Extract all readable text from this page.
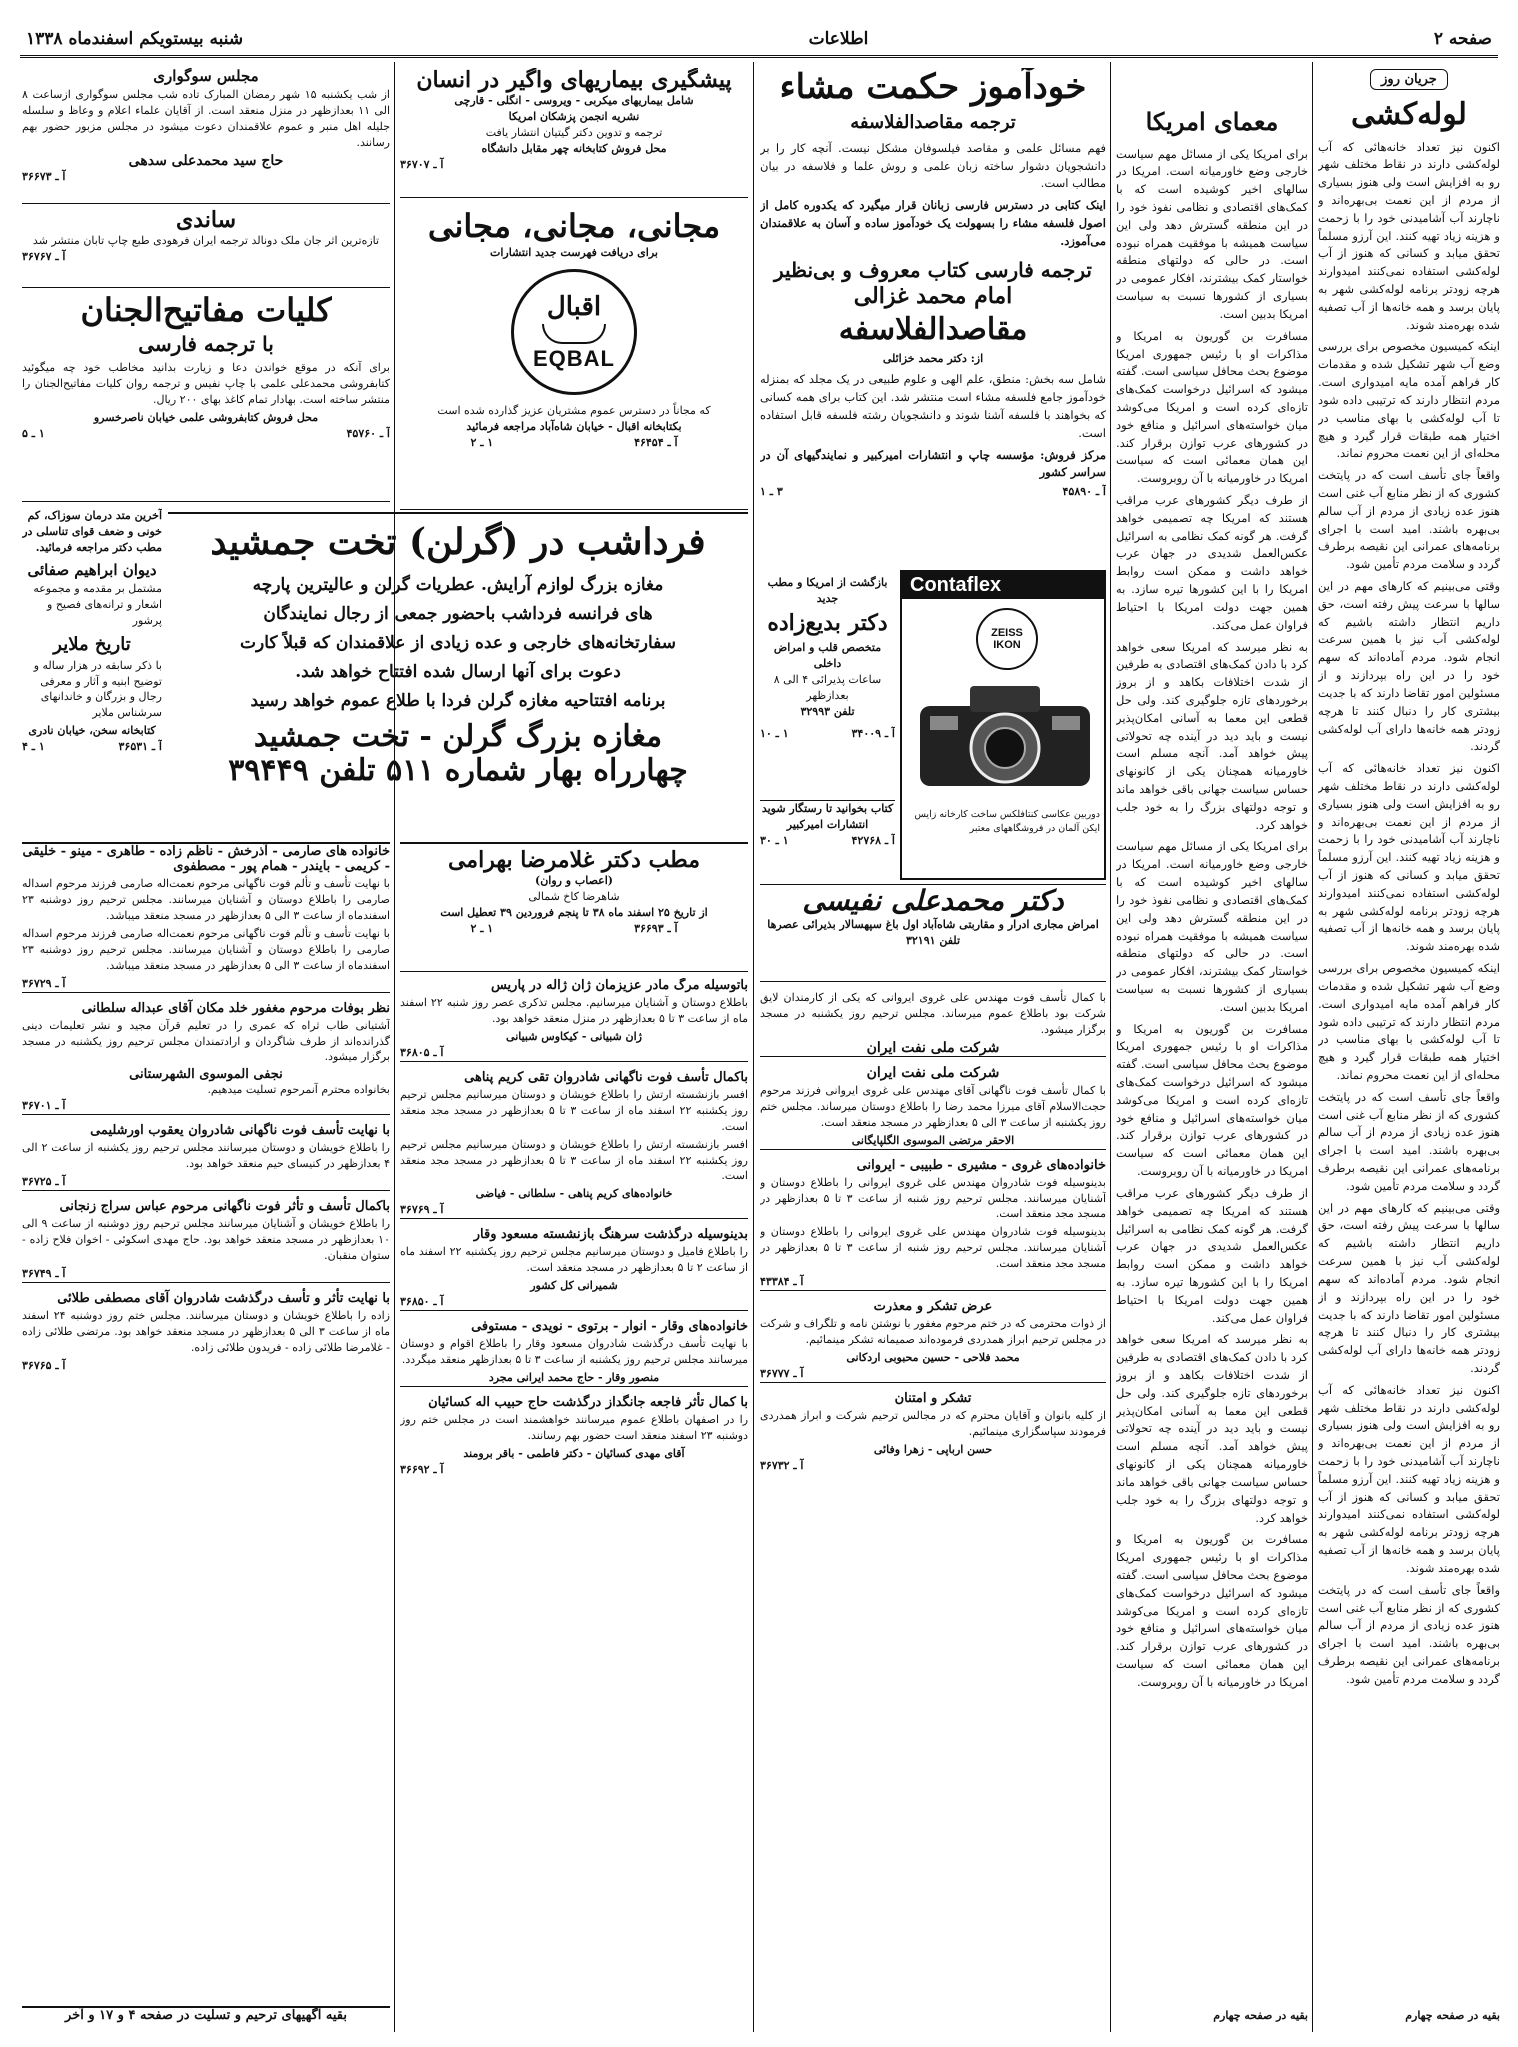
صفحه ۲
اطلاعات
شنبه بیستویکم اسفندماه ۱۳۳۸
جریان روز
لوله‌کشی

اکنون نیز تعداد خانه‌هائی که آب لوله‌کشی دارند در نقاط مختلف شهر رو به افزایش است ولی هنوز بسیاری از مردم از این نعمت بی‌بهره‌اند و ناچارند آب آشامیدنی خود را با زحمت و هزینه زیاد تهیه کنند. این آرزو مسلماً تحقق میابد و کسانی که هنوز از آب لوله‌کشی استفاده نمی‌کنند امیدوارند هرچه زودتر برنامه لوله‌کشی شهر به پایان برسد و همه خانه‌ها از آب تصفیه شده بهره‌مند شوند.

اینکه کمیسیون مخصوص برای بررسی وضع آب شهر تشکیل شده و مقدمات کار فراهم آمده مایه امیدواری است. مردم انتظار دارند که ترتیبی داده شود تا آب لوله‌کشی با بهای مناسب در اختیار همه طبقات قرار گیرد و هیچ محله‌ای از این نعمت محروم نماند.

واقعاً جای تأسف است که در پایتخت کشوری که از نظر منابع آب غنی است هنوز عده زیادی از مردم از آب سالم بی‌بهره باشند. امید است با اجرای برنامه‌های عمرانی این نقیصه برطرف گردد و سلامت مردم تأمین شود.

وقتی می‌بینیم که کارهای مهم در این سالها با سرعت پیش رفته است، حق داریم انتظار داشته باشیم که لوله‌کشی آب نیز با همین سرعت انجام شود. مردم آماده‌اند که سهم خود را در این راه بپردازند و از مسئولین امور تقاضا دارند که با جدیت بیشتری کار را دنبال کنند تا هرچه زودتر همه خانه‌ها دارای آب لوله‌کشی گردند.

اکنون نیز تعداد خانه‌هائی که آب لوله‌کشی دارند در نقاط مختلف شهر رو به افزایش است ولی هنوز بسیاری از مردم از این نعمت بی‌بهره‌اند و ناچارند آب آشامیدنی خود را با زحمت و هزینه زیاد تهیه کنند. این آرزو مسلماً تحقق میابد و کسانی که هنوز از آب لوله‌کشی استفاده نمی‌کنند امیدوارند هرچه زودتر برنامه لوله‌کشی شهر به پایان برسد و همه خانه‌ها از آب تصفیه شده بهره‌مند شوند.

اینکه کمیسیون مخصوص برای بررسی وضع آب شهر تشکیل شده و مقدمات کار فراهم آمده مایه امیدواری است. مردم انتظار دارند که ترتیبی داده شود تا آب لوله‌کشی با بهای مناسب در اختیار همه طبقات قرار گیرد و هیچ محله‌ای از این نعمت محروم نماند.

واقعاً جای تأسف است که در پایتخت کشوری که از نظر منابع آب غنی است هنوز عده زیادی از مردم از آب سالم بی‌بهره باشند. امید است با اجرای برنامه‌های عمرانی این نقیصه برطرف گردد و سلامت مردم تأمین شود.

وقتی می‌بینیم که کارهای مهم در این سالها با سرعت پیش رفته است، حق داریم انتظار داشته باشیم که لوله‌کشی آب نیز با همین سرعت انجام شود. مردم آماده‌اند که سهم خود را در این راه بپردازند و از مسئولین امور تقاضا دارند که با جدیت بیشتری کار را دنبال کنند تا هرچه زودتر همه خانه‌ها دارای آب لوله‌کشی گردند.

اکنون نیز تعداد خانه‌هائی که آب لوله‌کشی دارند در نقاط مختلف شهر رو به افزایش است ولی هنوز بسیاری از مردم از این نعمت بی‌بهره‌اند و ناچارند آب آشامیدنی خود را با زحمت و هزینه زیاد تهیه کنند. این آرزو مسلماً تحقق میابد و کسانی که هنوز از آب لوله‌کشی استفاده نمی‌کنند امیدوارند هرچه زودتر برنامه لوله‌کشی شهر به پایان برسد و همه خانه‌ها از آب تصفیه شده بهره‌مند شوند.

واقعاً جای تأسف است که در پایتخت کشوری که از نظر منابع آب غنی است هنوز عده زیادی از مردم از آب سالم بی‌بهره باشند. امید است با اجرای برنامه‌های عمرانی این نقیصه برطرف گردد و سلامت مردم تأمین شود.

بقیه در صفحه چهارم
معمای امریکا

برای امریکا یکی از مسائل مهم سیاست خارجی وضع خاورمیانه است. امریکا در سالهای اخیر کوشیده است که با کمک‌های اقتصادی و نظامی نفوذ خود را در این منطقه گسترش دهد ولی این سیاست همیشه با موفقیت همراه نبوده است. در حالی که دولتهای منطقه خواستار کمک بیشترند، افکار عمومی در بسیاری از کشورها نسبت به سیاست امریکا بدبین است.

مسافرت بن گوریون به امریکا و مذاکرات او با رئیس جمهوری امریکا موضوع بحث محافل سیاسی است. گفته میشود که اسرائیل درخواست کمک‌های تازه‌ای کرده است و امریکا می‌کوشد میان خواسته‌های اسرائیل و منافع خود در کشورهای عرب توازن برقرار کند. این همان معمائی است که سیاست امریکا در خاورمیانه با آن روبروست.

از طرف دیگر کشورهای عرب مراقب هستند که امریکا چه تصمیمی خواهد گرفت. هر گونه کمک نظامی به اسرائیل عکس‌العمل شدیدی در جهان عرب خواهد داشت و ممکن است روابط امریکا را با این کشورها تیره سازد. به همین جهت دولت امریکا با احتیاط فراوان عمل می‌کند.

به نظر میرسد که امریکا سعی خواهد کرد با دادن کمک‌های اقتصادی به طرفین از شدت اختلافات بکاهد و از بروز برخوردهای تازه جلوگیری کند. ولی حل قطعی این معما به آسانی امکان‌پذیر نیست و باید دید در آینده چه تحولاتی پیش خواهد آمد. آنچه مسلم است خاورمیانه همچنان یکی از کانونهای حساس سیاست جهانی باقی خواهد ماند و توجه دولتهای بزرگ را به خود جلب خواهد کرد.

برای امریکا یکی از مسائل مهم سیاست خارجی وضع خاورمیانه است. امریکا در سالهای اخیر کوشیده است که با کمک‌های اقتصادی و نظامی نفوذ خود را در این منطقه گسترش دهد ولی این سیاست همیشه با موفقیت همراه نبوده است. در حالی که دولتهای منطقه خواستار کمک بیشترند، افکار عمومی در بسیاری از کشورها نسبت به سیاست امریکا بدبین است.

مسافرت بن گوریون به امریکا و مذاکرات او با رئیس جمهوری امریکا موضوع بحث محافل سیاسی است. گفته میشود که اسرائیل درخواست کمک‌های تازه‌ای کرده است و امریکا می‌کوشد میان خواسته‌های اسرائیل و منافع خود در کشورهای عرب توازن برقرار کند. این همان معمائی است که سیاست امریکا در خاورمیانه با آن روبروست.

از طرف دیگر کشورهای عرب مراقب هستند که امریکا چه تصمیمی خواهد گرفت. هر گونه کمک نظامی به اسرائیل عکس‌العمل شدیدی در جهان عرب خواهد داشت و ممکن است روابط امریکا را با این کشورها تیره سازد. به همین جهت دولت امریکا با احتیاط فراوان عمل می‌کند.

به نظر میرسد که امریکا سعی خواهد کرد با دادن کمک‌های اقتصادی به طرفین از شدت اختلافات بکاهد و از بروز برخوردهای تازه جلوگیری کند. ولی حل قطعی این معما به آسانی امکان‌پذیر نیست و باید دید در آینده چه تحولاتی پیش خواهد آمد. آنچه مسلم است خاورمیانه همچنان یکی از کانونهای حساس سیاست جهانی باقی خواهد ماند و توجه دولتهای بزرگ را به خود جلب خواهد کرد.

مسافرت بن گوریون به امریکا و مذاکرات او با رئیس جمهوری امریکا موضوع بحث محافل سیاسی است. گفته میشود که اسرائیل درخواست کمک‌های تازه‌ای کرده است و امریکا می‌کوشد میان خواسته‌های اسرائیل و منافع خود در کشورهای عرب توازن برقرار کند. این همان معمائی است که سیاست امریکا در خاورمیانه با آن روبروست.

بقیه در صفحه چهارم
خودآموز حکمت مشاء
ترجمه مقاصدالفلاسفه

فهم مسائل علمی و مقاصد فیلسوفان مشکل نیست. آنچه کار را بر دانشجویان دشوار ساخته زبان علمی و روش علما و فلاسفه در بیان مطالب است.

اینک کتابی در دسترس فارسی زبانان قرار میگیرد که یکدوره کامل از اصول فلسفه مشاء را بسهولت یک خودآموز ساده و آسان به علاقمندان می‌آموزد.

ترجمه فارسی کتاب معروف و بی‌نظیر
امام محمد غزالی
مقاصدالفلاسفه
از: دکتر محمد خزائلی

شامل سه بخش: منطق، علم الهی و علوم طبیعی در یک مجلد که بمنزله خودآموز جامع فلسفه مشاء است منتشر شد. این کتاب برای همه کسانی که بخواهند با فلسفه آشنا شوند و دانشجویان رشته فلسفه قابل استفاده است.

مرکز فروش: مؤسسه چاپ و انتشارات امیرکبیر و نمایندگیهای آن در سراسر کشور

آ ـ ۴۵۸۹۰
۳ ـ ۱
پیشگیری بیماریهای واگیر در انسان
شامل بیماریهای میکربی - ویروسی - انگلی - قارچی
نشریه انجمن پزشکان امریکا
ترجمه و تدوین دکتر گیتیان انتشار یافت
محل فروش کتابخانه چهر مقابل دانشگاه
آ ـ ۳۶۷۰۷
مجانی، مجانی، مجانی
برای دریافت فهرست جدید انتشارات
اقبال
EQBAL
که مجاناً در دسترس عموم مشتریان عزیز گذارده شده است
بکتابخانه اقبال - خیابان شاه‌آباد مراجعه فرمائید
آ ـ ۴۶۴۵۴
۱ ـ ۲
مجلس سوگواری

از شب یکشنبه ۱۵ شهر رمضان المبارک تاده شب مجلس سوگواری ازساعت ۸ الی ۱۱ بعدازظهر در منزل منعقد است. از آقایان علماء اعلام و وعاظ و سلسله جلیله اهل منبر و عموم علاقمندان دعوت میشود در مجلس مزبور حضور بهم رسانند.

حاج سید محمدعلی سدهی
آ ـ ۳۶۶۷۳
ساندی
تازه‌ترین اثر جان ملک دونالد ترجمه ایران فرهودی طبع چاپ تابان منتشر شد
آ ـ ۳۶۷۶۷
کلیات مفاتیح‌الجنان
با ترجمه فارسی

برای آنکه در موقع خواندن دعا و زیارت بدانید مخاطب خود چه میگوئید کتابفروشی محمدعلی علمی با چاپ نفیس و ترجمه روان کلیات مفاتیح‌الجنان را منتشر ساخته است. بهادار تمام کاغذ بهای ۲۰۰ ریال.

محل فروش کتابفروشی علمی خیابان ناصرخسرو
آ ـ ۴۵۷۶۰
۱ ـ ۵

آخرین متد درمان سوزاک، کم خونی و ضعف قوای تناسلی در مطب دکتر مراجعه فرمائید.

دیوان ابراهیم صفائی

مشتمل بر مقدمه و مجموعه اشعار و ترانه‌های فصیح و پرشور

تاریخ ملایر

با ذکر سابقه در هزار ساله و توضیح ابنیه و آثار و معرفی رجال و بزرگان و خاندانهای سرشناس ملایر

کتابخانه سخن، خیابان نادری
آ ـ ۳۶۵۳۱
۱ ـ ۴
فرداشب در (گرلن) تخت جمشید
مغازه بزرگ لوازم آرایش. عطریات گرلن و عالیترین پارچه
های فرانسه فرداشب باحضور جمعی از رجال نمایندگان
سفارتخانه‌های خارجی و عده زیادی از علاقمندان که قبلاً کارت
دعوت برای آنها ارسال شده افتتاح خواهد شد.
برنامه افتتاحیه مغازه گرلن فردا با طلاع عموم خواهد رسید
مغازه بزرگ گرلن - تخت جمشید
چهارراه بهار شماره ۵۱۱ تلفن ۳۹۴۴۹
بازگشت از امریکا و مطب جدید
دکتر بدیع‌زاده
متخصص قلب و امراض داخلی
ساعات پذیرائی ۴ الی ۸ بعدازظهر
تلفن ۳۲۹۹۳
آ ـ ۳۴۰۰۹
۱ ـ ۱۰
Contaflex
ZEISS
IKON

دوربین عکاسی کنتافلکس ساخت کارخانه زایس ایکن آلمان در فروشگاههای معتبر

کتاب بخوانید تا رستگار شوید
انتشارات امیرکبیر
آ ـ ۴۲۷۶۸
۱ ـ ۳۰
دکتر محمدعلی نفیسی
امراض مجاری ادرار و مقاربتی شاه‌آباد اول باغ سپهسالار بذیرائی عصرها تلفن ۳۲۱۹۱
مطب دکتر غلامرضا بهرامی
(اعصاب و روان)
شاهرضا کاخ شمالی
از تاریخ ۲۵ اسفند ماه ۳۸ تا پنجم فروردین ۳۹ تعطیل است
آ ـ ۳۶۶۹۳
۱ ـ ۲
خانواده های صارمی - آذرخش - ناظم زاده - طاهری - مینو - خلیقی - کریمی - بایندر - همام پور - مصطفوی

با نهایت تأسف و تألم فوت ناگهانی مرحوم نعمت‌اله صارمی فرزند مرحوم اسداله صارمی را باطلاع دوستان و آشنایان میرسانند. مجلس ترحیم روز دوشنبه ۲۳ اسفندماه از ساعت ۳ الی ۵ بعدازظهر در مسجد منعقد میباشد.

با نهایت تأسف و تألم فوت ناگهانی مرحوم نعمت‌اله صارمی فرزند مرحوم اسداله صارمی را باطلاع دوستان و آشنایان میرسانند. مجلس ترحیم روز دوشنبه ۲۳ اسفندماه از ساعت ۳ الی ۵ بعدازظهر در مسجد منعقد میباشد.

آ ـ ۳۶۷۲۹
نظر بوفات مرحوم مغفور خلد مکان آقای عبداله سلطانی

آشتیانی طاب ثراه که عمری را در تعلیم قرآن مجید و نشر تعلیمات دینی گذرانده‌اند از طرف شاگردان و ارادتمندان مجلس ترحیم روز یکشنبه در مسجد برگزار میشود.

نجفی الموسوی الشهرستانی
بخانواده محترم آنمرحوم تسلیت میدهیم.
آ ـ ۳۶۷۰۱
با نهایت تأسف فوت ناگهانی شادروان یعقوب اورشلیمی

را باطلاع خویشان و دوستان میرسانند مجلس ترحیم روز یکشنبه از ساعت ۲ الی ۴ بعدازظهر در کنیسای حیم منعقد خواهد بود.

آ ـ ۳۶۷۲۵
باکمال تأسف و تأثر فوت ناگهانی مرحوم عباس سراج زنجانی

را باطلاع خویشان و آشنایان میرسانند مجلس ترحیم روز دوشنبه از ساعت ۹ الی ۱۰ بعدازظهر در مسجد منعقد خواهد بود. حاج مهدی اسکوئی - اخوان فلاح زاده - ستوان منقبان.

آ ـ ۳۶۷۴۹
با نهایت تأثر و تأسف درگذشت شادروان آقای مصطفی طلائی

زاده را باطلاع خویشان و دوستان میرسانند. مجلس ختم روز دوشنبه ۲۴ اسفند ماه از ساعت ۳ الی ۵ بعدازظهر در مسجد منعقد خواهد بود. مرتضی طلائی زاده - غلامرضا طلائی زاده - فریدون طلائی زاده.

آ ـ ۳۶۷۶۵
بقیه آگهیهای ترحیم و تسلیت در صفحه ۴ و ۱۷ و آخر
باتوسیله مرگ مادر عزیزمان ژان ژاله در پاریس

باطلاع دوستان و آشنایان میرسانیم. مجلس تذکری عصر روز شنبه ۲۲ اسفند ماه از ساعت ۳ تا ۵ بعدازظهر در منزل منعقد خواهد بود.

ژان شبیانی - کیکاوس شبیانی
آ ـ ۳۶۸۰۵
باکمال تأسف فوت ناگهانی شادروان تقی کریم پناهی

افسر بازنشسته ارتش را باطلاع خویشان و دوستان میرسانیم مجلس ترحیم روز یکشنبه ۲۲ اسفند ماه از ساعت ۳ تا ۵ بعدازظهر در مسجد مجد منعقد است.

افسر بازنشسته ارتش را باطلاع خویشان و دوستان میرسانیم مجلس ترحیم روز یکشنبه ۲۲ اسفند ماه از ساعت ۳ تا ۵ بعدازظهر در مسجد مجد منعقد است.

خانواده‌های کریم پناهی - سلطانی - فیاضی
آ ـ ۳۶۷۶۹
بدینوسیله درگذشت سرهنگ بازنشسته مسعود وقار

را باطلاع فامیل و دوستان میرسانیم مجلس ترحیم روز یکشنبه ۲۲ اسفند ماه از ساعت ۲ تا ۵ بعدازظهر در مسجد منعقد است.

شمیرانی کل کشور
آ ـ ۳۶۸۵۰
خانواده‌های وقار - انوار - برتوی - نویدی - مستوفی

با نهایت تأسف درگذشت شادروان مسعود وقار را باطلاع اقوام و دوستان میرسانند مجلس ترحیم روز یکشنبه از ساعت ۳ تا ۵ بعدازظهر منعقد میگردد.

منصور وقار - حاج محمد ایرانی مجرد
با کمال تأثر فاجعه جانگداز درگذشت حاج حبیب اله کسائیان

را در اصفهان باطلاع عموم میرسانند خواهشمند است در مجلس ختم روز دوشنبه ۲۳ اسفند منعقد است حضور بهم رسانند.

آقای مهدی کسائیان - دکتر فاطمی - باقر برومند
آ ـ ۳۶۶۹۲

با کمال تأسف فوت مهندس علی غروی ایروانی که یکی از کارمندان لایق شرکت بود باطلاع عموم میرساند. مجلس ترحیم روز یکشنبه در مسجد برگزار میشود.

شرکت ملی نفت ایران
شرکت ملی نفت ایران

با کمال تأسف فوت ناگهانی آقای مهندس علی غروی ایروانی فرزند مرحوم حجت‌الاسلام آقای میرزا محمد رضا را باطلاع دوستان میرساند. مجلس ختم روز یکشنبه از ساعت ۳ الی ۵ بعدازظهر در مسجد منعقد است.

الاحقر مرتضی الموسوی الگلپایگانی
خانواده‌های غروی - مشیری - طبیبی - ایروانی

بدینوسیله فوت شادروان مهندس علی غروی ایروانی را باطلاع دوستان و آشنایان میرسانند. مجلس ترحیم روز شنبه از ساعت ۳ تا ۵ بعدازظهر در مسجد مجد منعقد است.

بدینوسیله فوت شادروان مهندس علی غروی ایروانی را باطلاع دوستان و آشنایان میرسانند. مجلس ترحیم روز شنبه از ساعت ۳ تا ۵ بعدازظهر در مسجد مجد منعقد است.

آ ـ ۴۳۳۸۴
عرض تشکر و معذرت

از ذوات محترمی که در ختم مرحوم مغفور با نوشتن نامه و تلگراف و شرکت در مجلس ترحیم ابراز همدردی فرموده‌اند صمیمانه تشکر مینمائیم.

محمد فلاحی - حسین محبوبی اردکانی
آ ـ ۳۶۷۷۷
تشکر و امتنان

از کلیه بانوان و آقایان محترم که در مجالس ترحیم شرکت و ابراز همدردی فرمودند سپاسگزاری مینمائیم.

حسن ارباپی - زهرا وفائی
آ ـ ۳۶۷۳۲
